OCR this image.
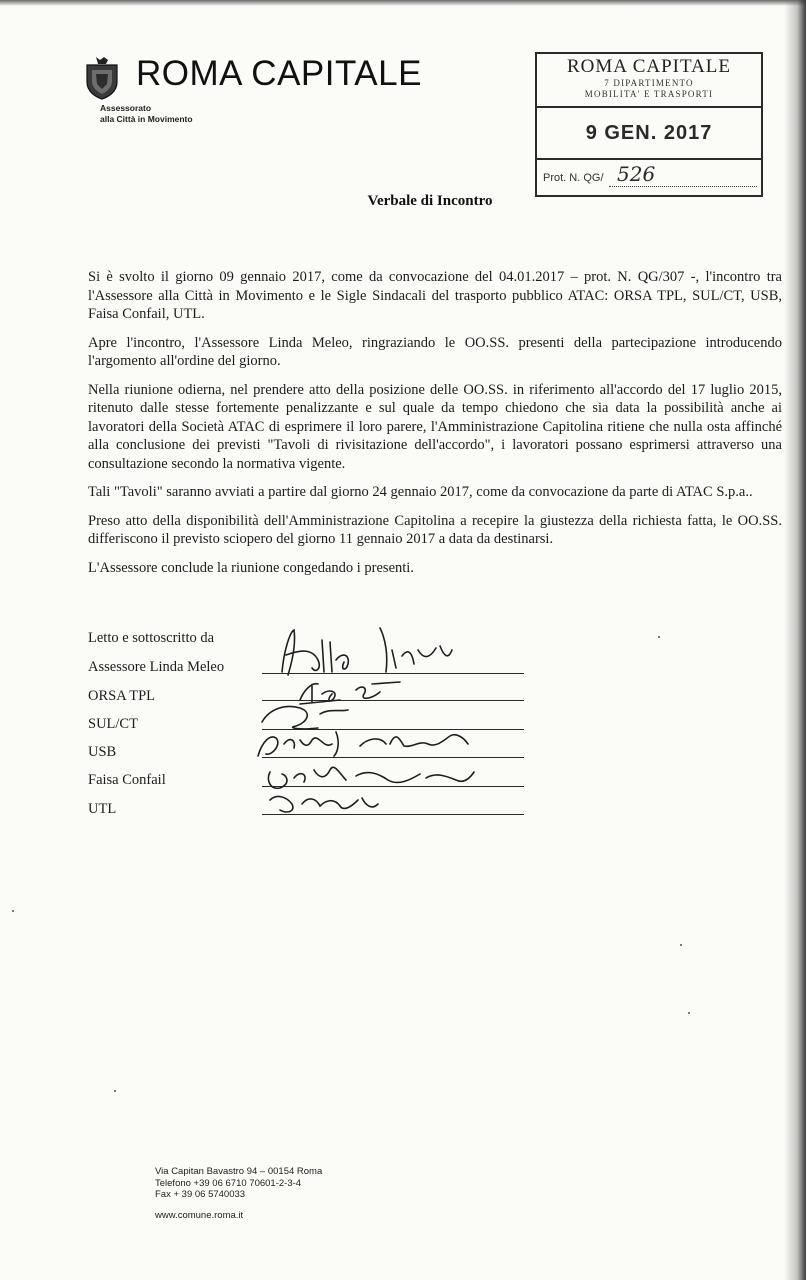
ROMA CAPITALE
Assessorato
alla Città in Movimento
ROMA CAPITALE
7 DIPARTIMENTO
MOBILITA' E TRASPORTI
9 GEN. 2017
Prot. N. QG/ 526
Verbale di Incontro

Si è svolto il giorno 09 gennaio 2017, come da convocazione del 04.01.2017 – prot. N. QG/307 -, l'incontro tra l'Assessore alla Città in Movimento e le Sigle Sindacali del trasporto pubblico ATAC: ORSA TPL, SUL/CT, USB, Faisa Confail, UTL.

Apre l'incontro, l'Assessore Linda Meleo, ringraziando le OO.SS. presenti della partecipazione introducendo l'argomento all'ordine del giorno.

Nella riunione odierna, nel prendere atto della posizione delle OO.SS. in riferimento all'accordo del 17 luglio 2015, ritenuto dalle stesse fortemente penalizzante e sul quale da tempo chiedono che sia data la possibilità anche ai lavoratori della Società ATAC di esprimere il loro parere, l'Amministrazione Capitolina ritiene che nulla osta affinché alla conclusione dei previsti "Tavoli di rivisitazione dell'accordo", i lavoratori possano esprimersi attraverso una consultazione secondo la normativa vigente.

Tali "Tavoli" saranno avviati a partire dal giorno 24 gennaio 2017, come da convocazione da parte di ATAC S.p.a..

Preso atto della disponibilità dell'Amministrazione Capitolina a recepire la giustezza della richiesta fatta, le OO.SS. differiscono il previsto sciopero del giorno 11 gennaio 2017 a data da destinarsi.

L'Assessore conclude la riunione congedando i presenti.

Letto e sottoscritto da
Assessore Linda Meleo
ORSA TPL
SUL/CT
USB
Faisa Confail
UTL
Via Capitan Bavastro 94 – 00154 Roma
Telefono +39 06 6710 70601-2-3-4
Fax + 39 06 5740033
www.comune.roma.it
